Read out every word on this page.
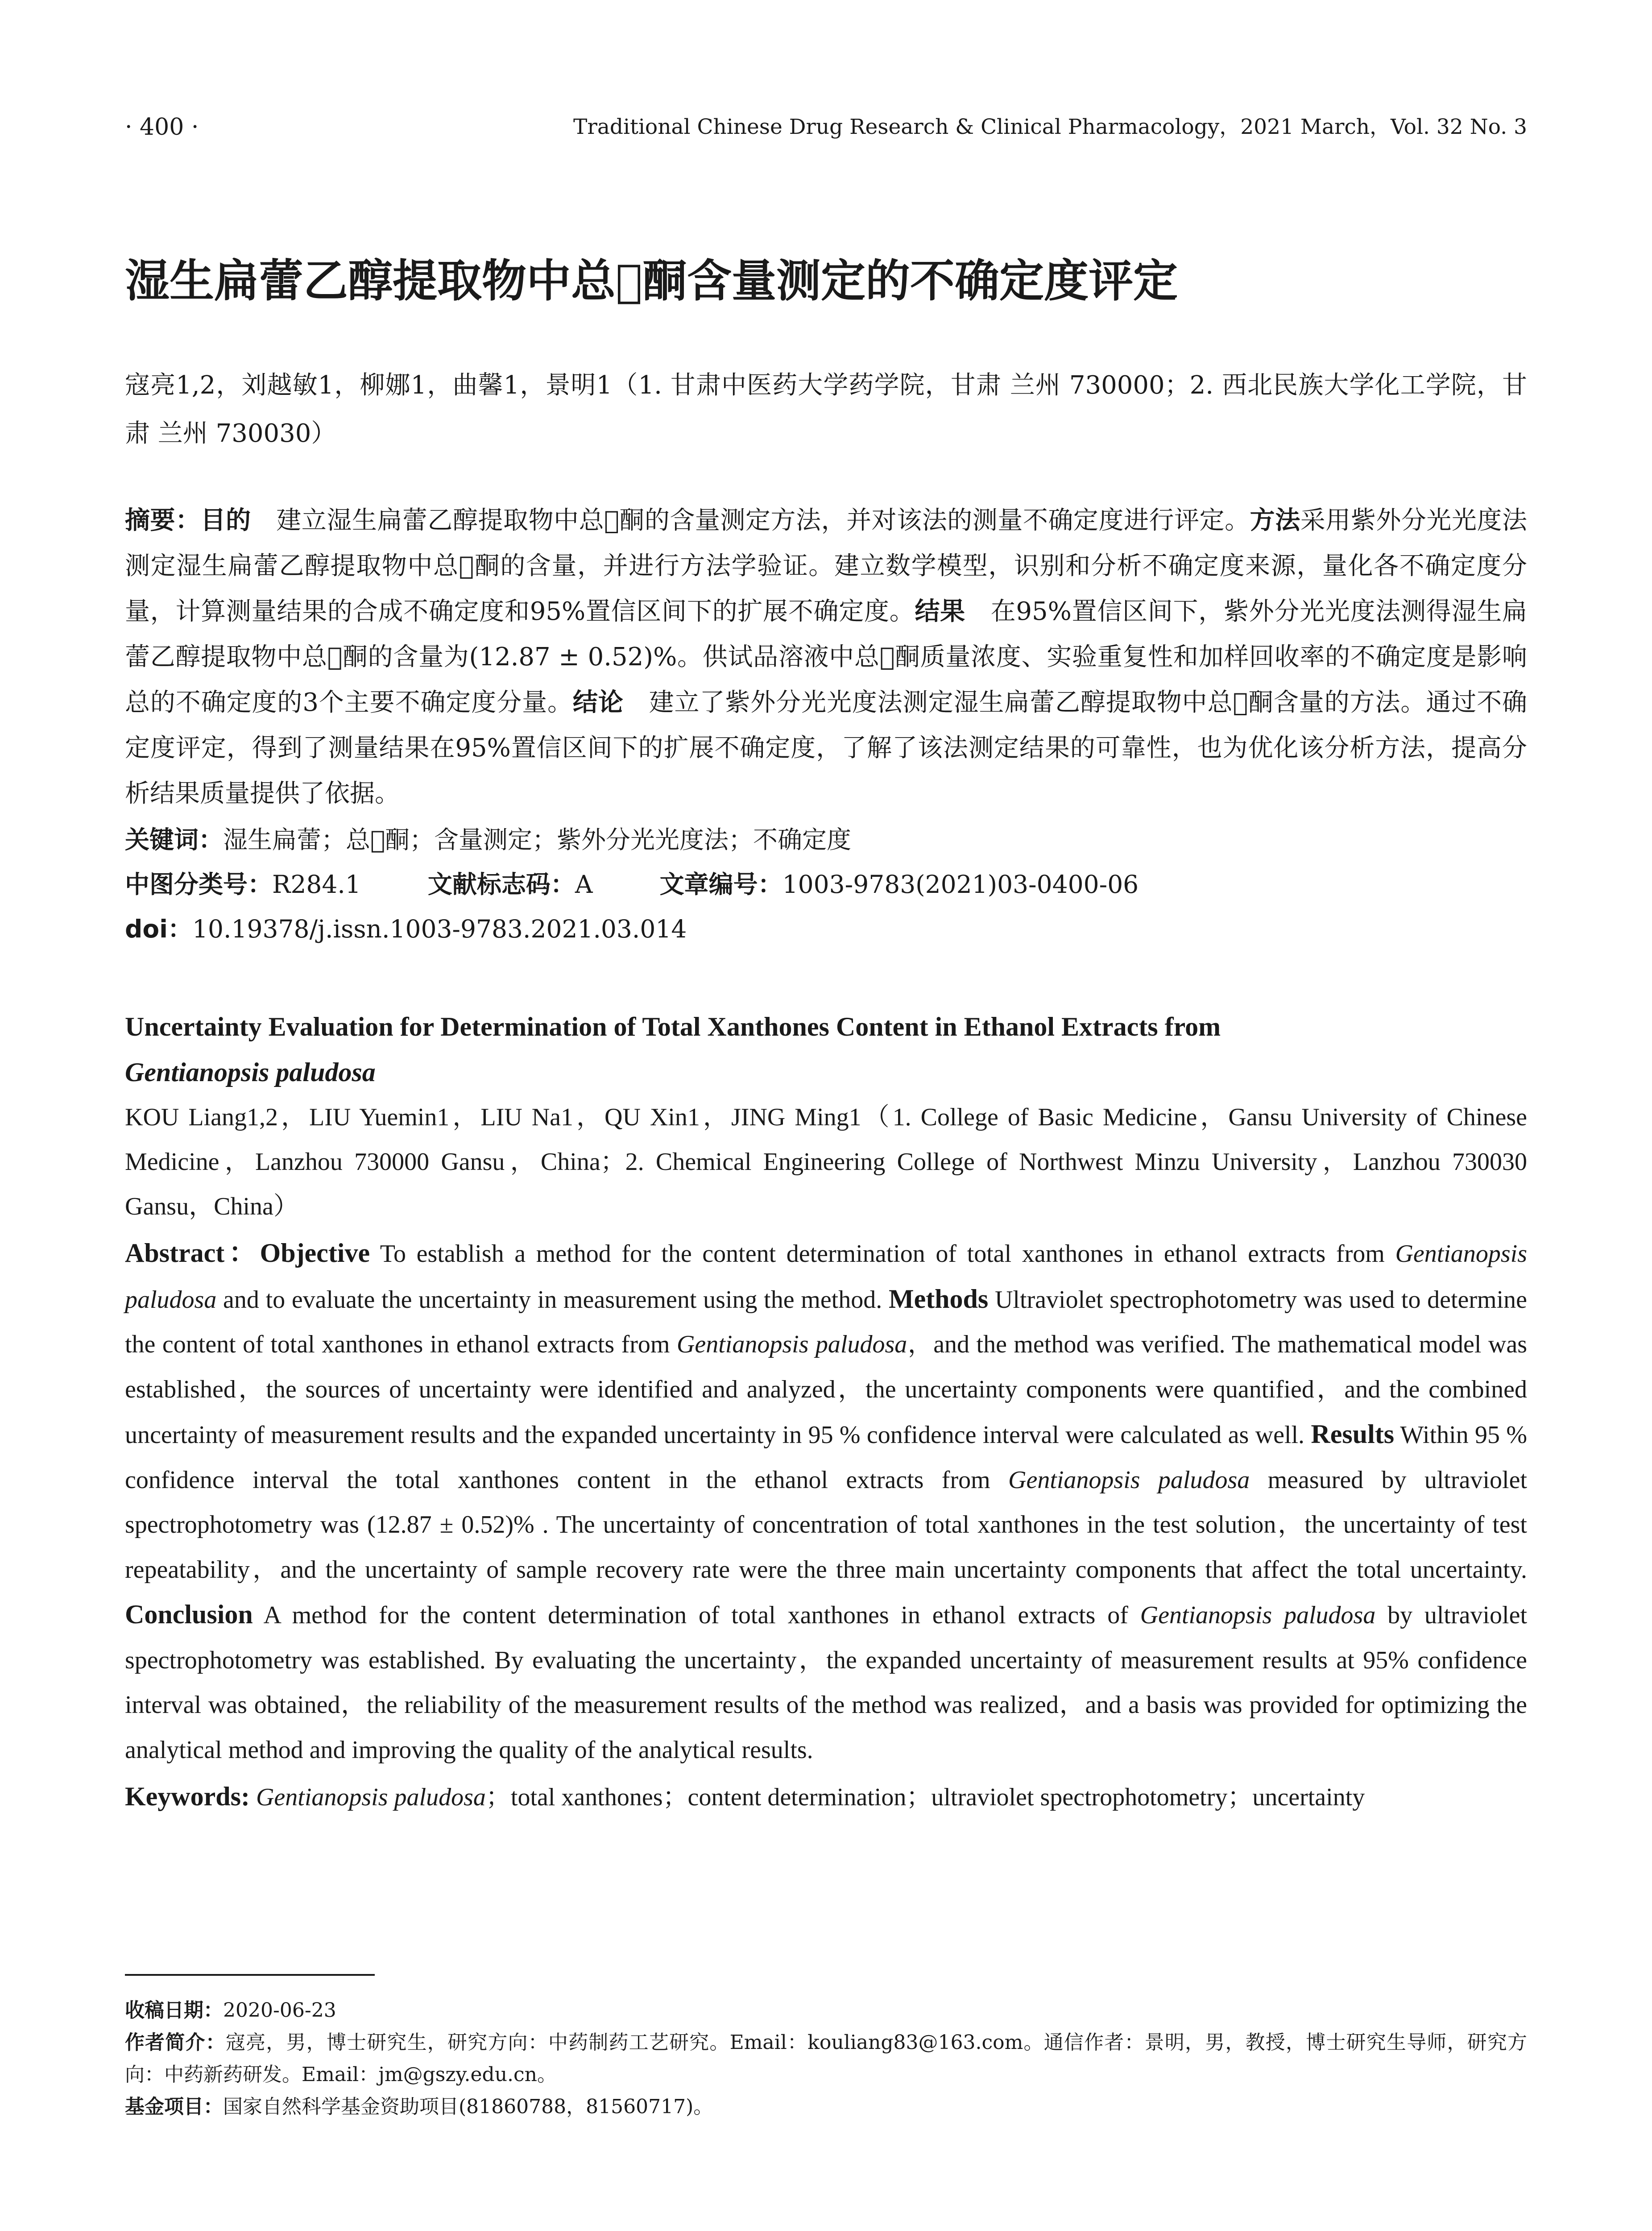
· 400 ·	Traditional Chinese Drug Research & Clinical Pharmacology，2021 March，Vol. 32 No. 3
湿生扁蕾乙醇提取物中总𠯤酮含量测定的不确定度评定
寇亮1,2，刘越敏1，柳娜1，曲馨1，景明1（1. 甘肃中医药大学药学院，甘肃 兰州 730000；2. 西北民族大学化工学院，甘肃 兰州 730030）
摘要：目的 建立湿生扁蕾乙醇提取物中总𠯤酮的含量测定方法，并对该法的测量不确定度进行评定。方法采用紫外分光光度法测定湿生扁蕾乙醇提取物中总𠯤酮的含量，并进行方法学验证。建立数学模型，识别和分析不确定度来源，量化各不确定度分量，计算测量结果的合成不确定度和95%置信区间下的扩展不确定度。结果 在95%置信区间下，紫外分光光度法测得湿生扁蕾乙醇提取物中总𠯤酮的含量为(12.87 ± 0.52)%。供试品溶液中总𠯤酮质量浓度、实验重复性和加样回收率的不确定度是影响总的不确定度的3个主要不确定度分量。结论 建立了紫外分光光度法测定湿生扁蕾乙醇提取物中总𠯤酮含量的方法。通过不确定度评定，得到了测量结果在95%置信区间下的扩展不确定度，了解了该法测定结果的可靠性，也为优化该分析方法，提高分析结果质量提供了依据。
关键词：湿生扁蕾；总𠯤酮；含量测定；紫外分光光度法；不确定度
中图分类号：R284.1	文献标志码：A	文章编号：1003-9783(2021)03-0400-06
doi：10.19378/j.issn.1003-9783.2021.03.014
Uncertainty Evaluation for Determination of Total Xanthones Content in Ethanol Extracts from
Gentianopsis paludosa
KOU Liang1,2，LIU Yuemin1，LIU Na1，QU Xin1，JING Ming1（1. College of Basic Medicine，Gansu University of Chinese Medicine，Lanzhou 730000 Gansu，China；2. Chemical Engineering College of Northwest Minzu University，Lanzhou 730030 Gansu，China）
Abstract：Objective To establish a method for the content determination of total xanthones in ethanol extracts from Gentianopsis paludosa and to evaluate the uncertainty in measurement using the method. Methods Ultraviolet spectrophotometry was used to determine the content of total xanthones in ethanol extracts from Gentianopsis paludosa，and the method was verified. The mathematical model was established，the sources of uncertainty were identified and analyzed，the uncertainty components were quantified，and the combined uncertainty of measurement results and the expanded uncertainty in 95 % confidence interval were calculated as well. Results Within 95 % confidence interval the total xanthones content in the ethanol extracts from Gentianopsis paludosa measured by ultraviolet spectrophotometry was (12.87 ± 0.52)% . The uncertainty of concentration of total xanthones in the test solution，the uncertainty of test repeatability，and the uncertainty of sample recovery rate were the three main uncertainty components that affect the total uncertainty. Conclusion A method for the content determination of total xanthones in ethanol extracts of Gentianopsis paludosa by ultraviolet spectrophotometry was established. By evaluating the uncertainty，the expanded uncertainty of measurement results at 95% confidence interval was obtained，the reliability of the measurement results of the method was realized，and a basis was provided for optimizing the analytical method and improving the quality of the analytical results.
Keywords: Gentianopsis paludosa；total xanthones；content determination；ultraviolet spectrophotometry；uncertainty
收稿日期：2020-06-23
作者简介：寇亮，男，博士研究生，研究方向：中药制药工艺研究。Email：kouliang83@163.com。通信作者：景明，男，教授，博士研究生导师，研究方向：中药新药研发。Email：jm@gszy.edu.cn。
基金项目：国家自然科学基金资助项目(81860788，81560717)。
